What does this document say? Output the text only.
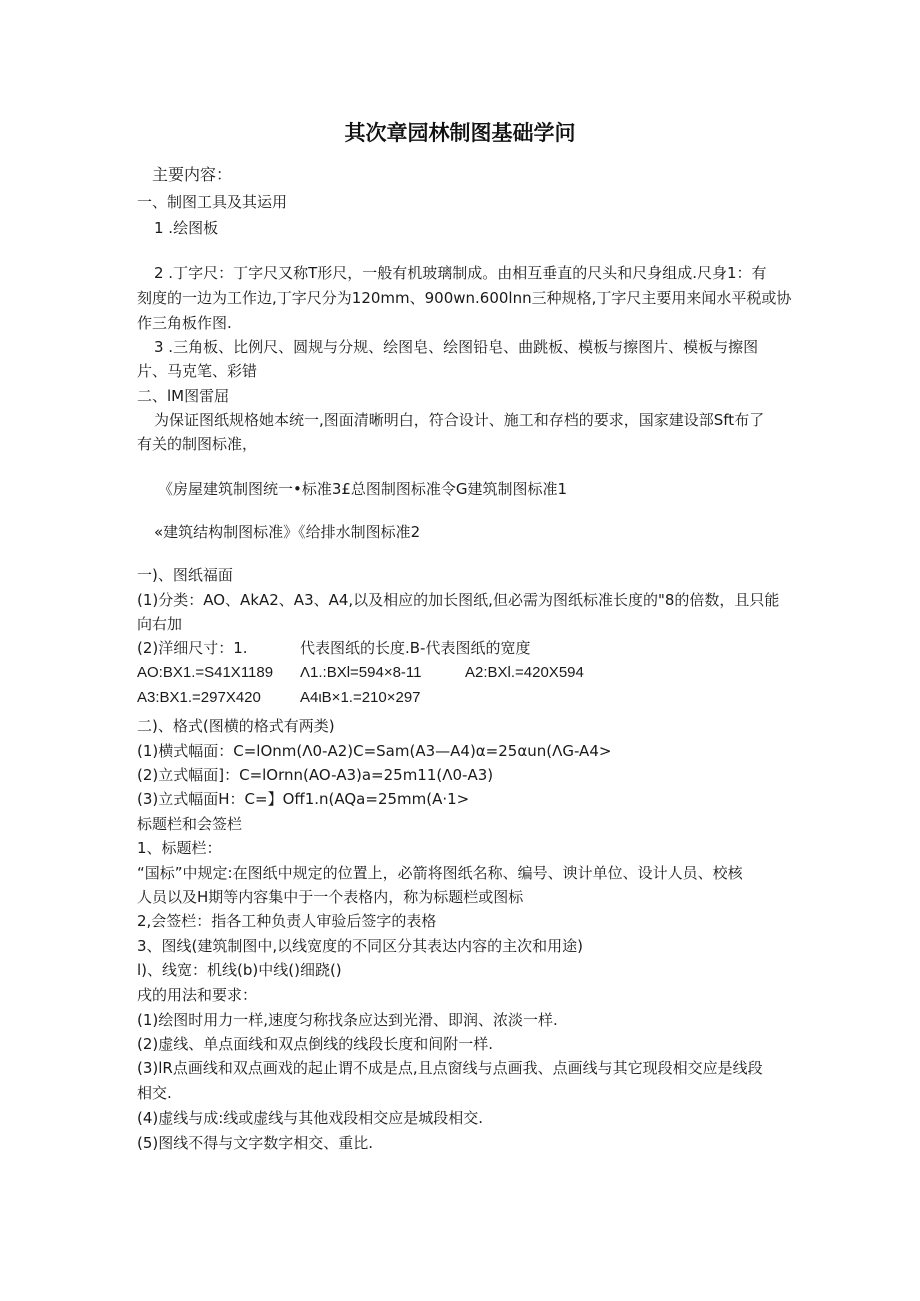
其次章园林制图基础学问
主要内容：
一、制图工具及其运用
1 .绘图板
2 .丁字尺：丁字尺又称T形尺，一般有机玻璃制成。由相互垂直的尺头和尺身组成.尺身1：有
刻度的一边为工作边,丁字尺分为120mm、900wn.600lnn三种规格,丁字尺主要用来闻水平税或协
作三角板作图.
3 .三角板、比例尺、圆规与分规、绘图皂、绘图铅皂、曲跳板、模板与擦图片、模板与擦图
片、马克笔、彩错
二、lM图雷屈
为保证图纸规格她本统一,图面清晰明白，符合设计、施工和存档的要求，国家建设部Sft布了
有关的制图标准，
《房屋建筑制图统一•标准3£总图制图标准令G建筑制图标准1
«建筑结构制图标准》《给排水制图标准2
一)、图纸福面
(1)分类：AO、AkA2、A3、A4,以及相应的加长图纸,但必需为图纸标准长度的"8的倍数，且只能
向右加
(2)洋细尺寸：1.	代表图纸的长度.B-代表图纸的宽度
AO:BX1.=S41X1189 Λ1.:BXl=594×8-11	A2:BXl.=420X594
A3:BX1.=297X420	A4ιB×1.=210×297
二)、格式(图横的格式有两类)
(1)横式幅面：C=lOnm(Λ0-A2)C=Sam(A3—A4)α=25αun(ΛG-A4>
(2)立式幅面]：C=lOrnn(AO-A3)a=25m11(Λ0-A3)
(3)立式幅面H：C=】Off1.n(AQa=25mm(A·1>
标题栏和会签栏
1、标题栏：
“国标”中规定:在图纸中规定的位置上，必箭将图纸名称、编号、谀计单位、设计人员、校核
人员以及H期等内容集中于一个表格内，称为标题栏或图标
2,会签栏：指各工种负责人审验后签字的表格
3、图线(建筑制图中,以线宽度的不同区分其表达内容的主次和用途)
l)、线宽：机线(b)中线()细跷()
戌的用法和要求：
(1)绘图时用力一样,速度匀称找条应达到光滑、即润、浓淡一样.
(2)虚线、单点面线和双点倒线的线段长度和间附一样.
(3)lR点画线和双点画戏的起止谓不成是点,且点窗线与点画我、点画线与其它现段相交应是线段
相交.
(4)虚线与成:线或虚线与其他戏段相交应是城段相交.
(5)图线不得与文字数字相交、重比.
